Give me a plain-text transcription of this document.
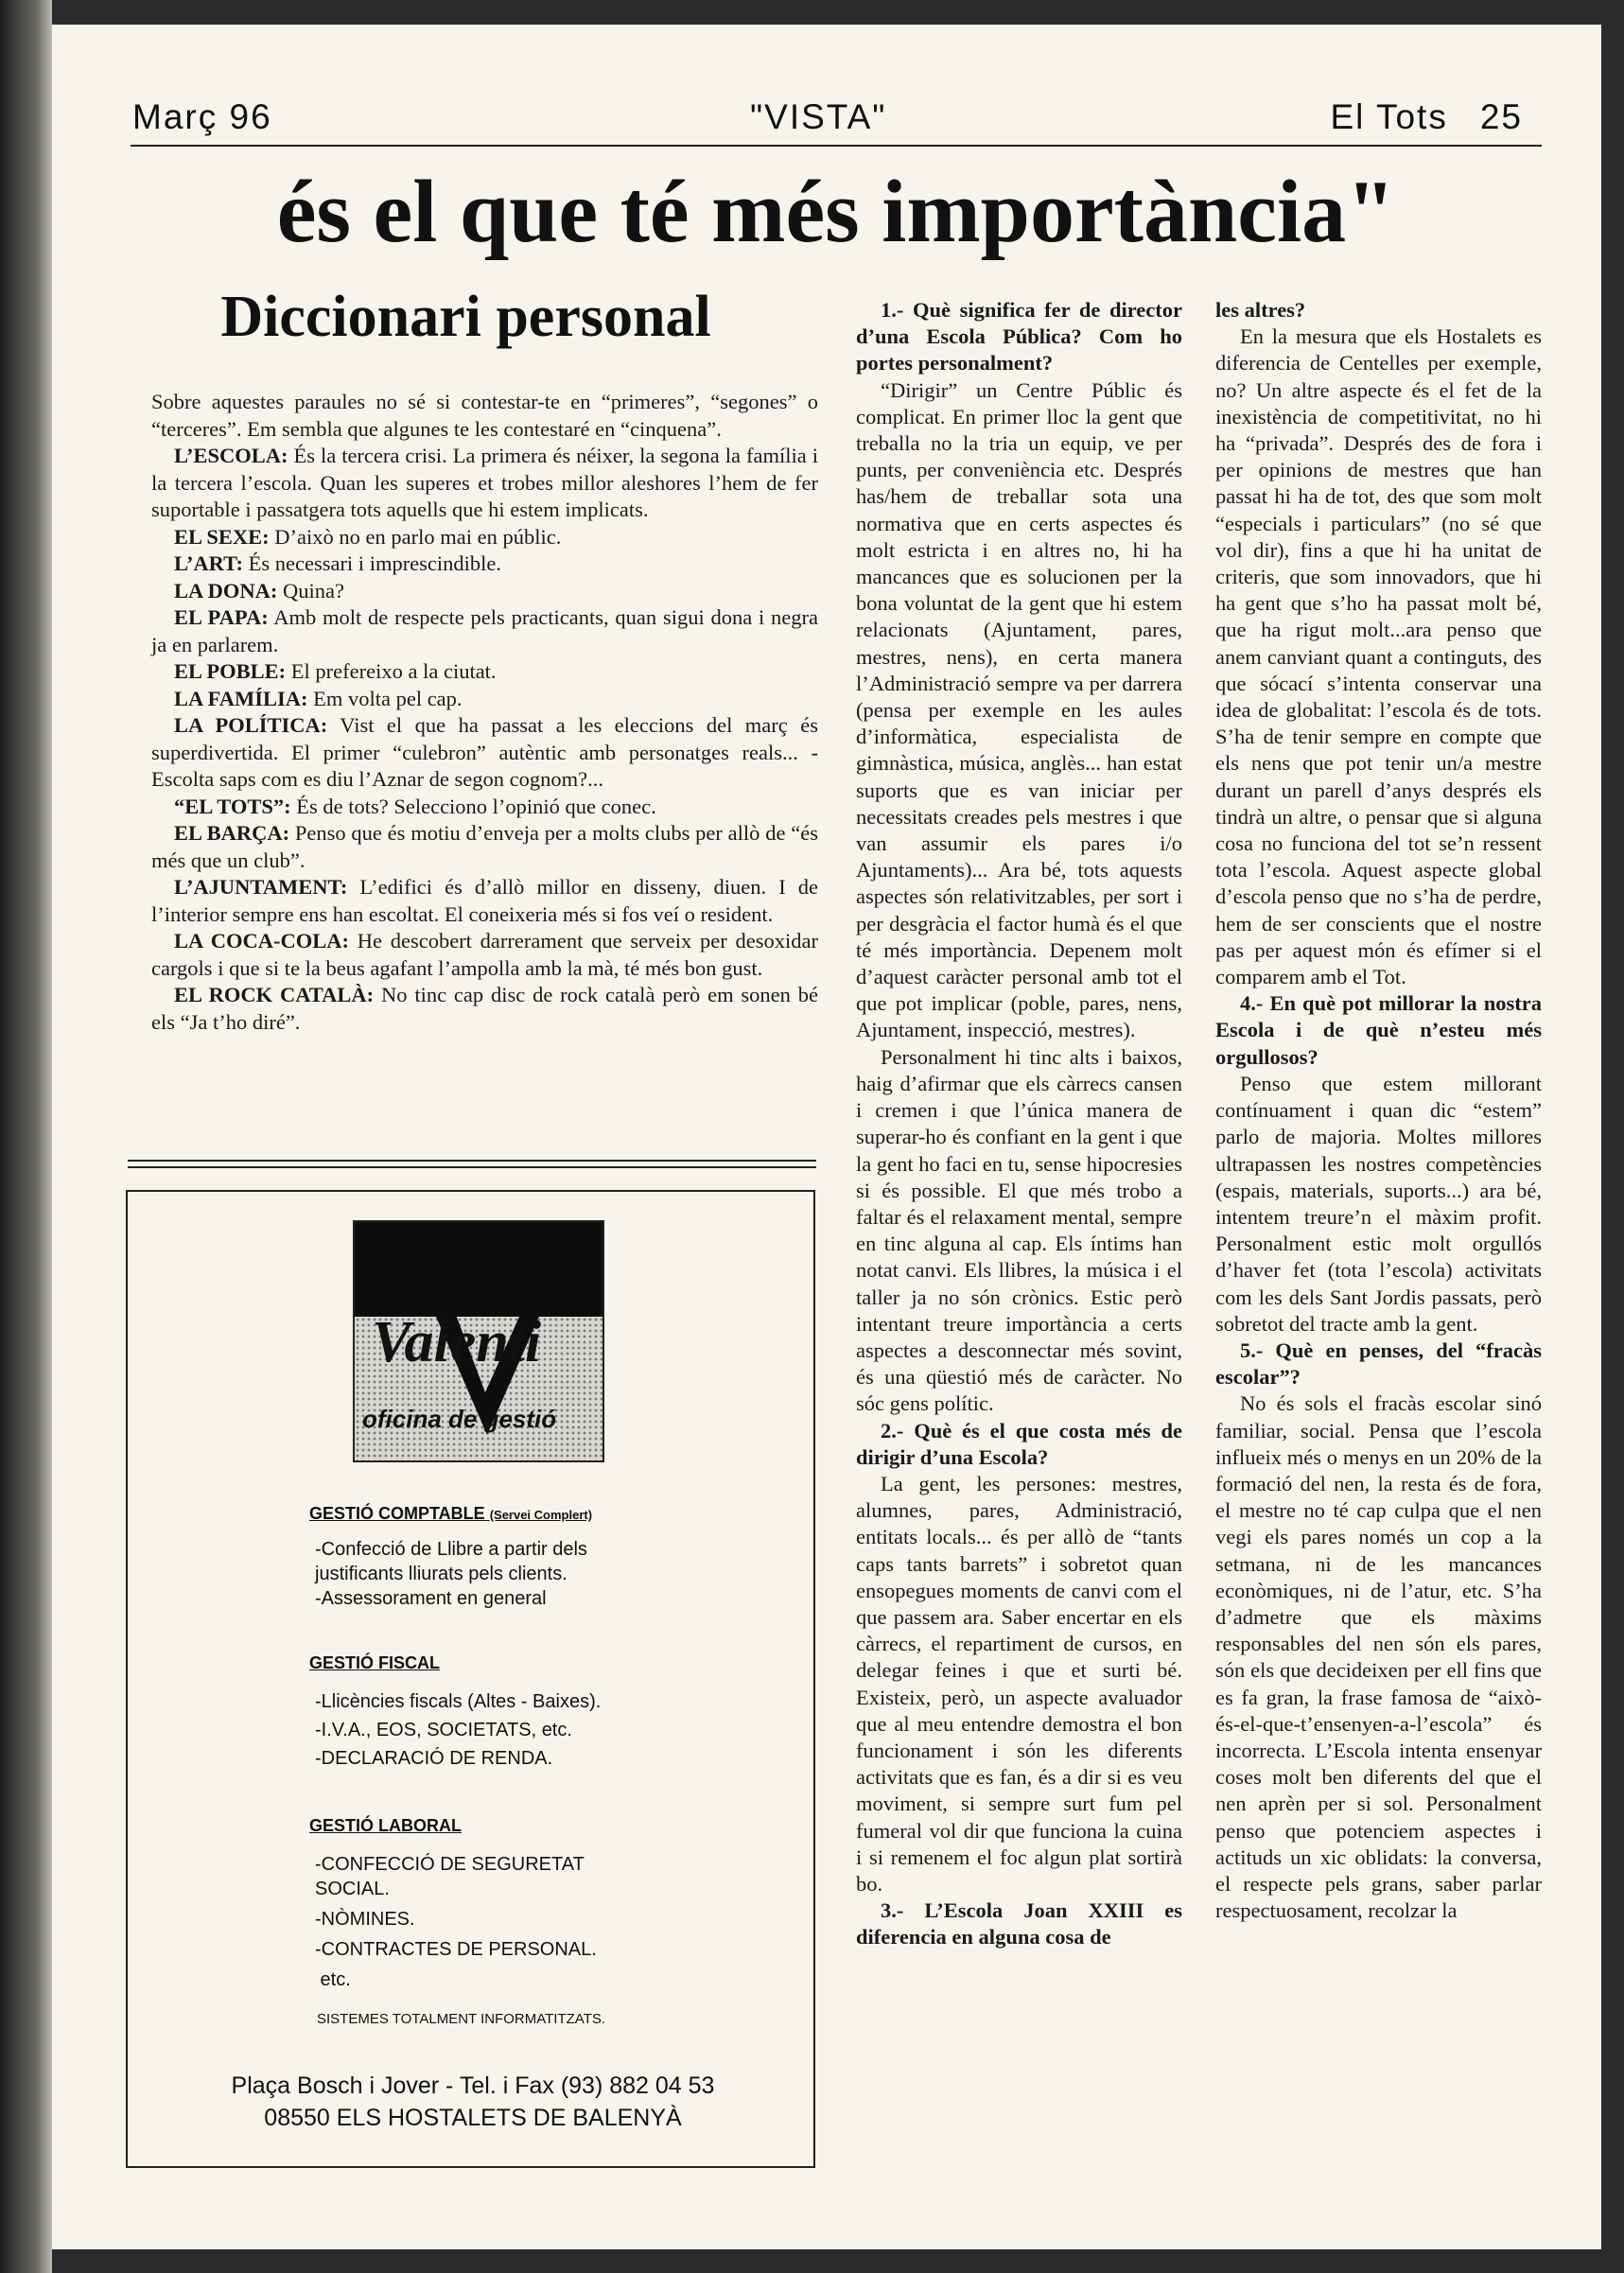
Març 96	"VISTA"	El Tots 25
és el que té més importància"
Diccionari personal

Sobre aquestes paraules no sé si contestar-te en “primeres”, “segones” o “terceres”. Em sembla que algunes te les contestaré en “cinquena”.

L’ESCOLA: És la tercera crisi. La primera és néixer, la segona la família i la tercera l’escola. Quan les superes et trobes millor aleshores l’hem de fer suportable i passatgera tots aquells que hi estem implicats.

EL SEXE: D’això no en parlo mai en públic.

L’ART: És necessari i imprescindible.

LA DONA: Quina?

EL PAPA: Amb molt de respecte pels practicants, quan sigui dona i negra ja en parlarem.

EL POBLE: El prefereixo a la ciutat.

LA FAMÍLIA: Em volta pel cap.

LA POLÍTICA: Vist el que ha passat a les eleccions del març és superdivertida. El primer “culebron” autèntic amb personatges reals... - Escolta saps com es diu l’Aznar de segon cognom?...

“EL TOTS”: És de tots? Selecciono l’opinió que conec.

EL BARÇA: Penso que és motiu d’enveja per a molts clubs per allò de “és més que un club”.

L’AJUNTAMENT: L’edifici és d’allò millor en disseny, diuen. I de l’interior sempre ens han escoltat. El coneixeria més si fos veí o resident.

LA COCA-COLA: He descobert darrerament que serveix per desoxidar cargols i que si te la beus agafant l’ampolla amb la mà, té més bon gust.

EL ROCK CATALÀ: No tinc cap disc de rock català però em sonen bé els “Ja t’ho diré”.

Valenti
oficina de gestió
GESTIÓ COMPTABLE (Servei Complert)
-Confecció de Llibre a partir dels justificants lliurats pels clients.
-Assessorament en general
GESTIÓ FISCAL
-Llicències fiscals (Altes - Baixes).
-I.V.A., EOS, SOCIETATS, etc.
-DECLARACIÓ DE RENDA.
GESTIÓ LABORAL
-CONFECCIÓ DE SEGURETAT SOCIAL.
-NÒMINES.
-CONTRACTES DE PERSONAL.
etc.
SISTEMES TOTALMENT INFORMATITZATS.
Plaça Bosch i Jover - Tel. i Fax (93) 882 04 53
08550 ELS HOSTALETS DE BALENYÀ

1.- Què significa fer de director d’una Escola Pública? Com ho portes personalment?

“Dirigir” un Centre Públic és complicat. En primer lloc la gent que treballa no la tria un equip, ve per punts, per conveniència etc. Després has/hem de treballar sota una normativa que en certs aspectes és molt estricta i en altres no, hi ha mancances que es solucionen per la bona voluntat de la gent que hi estem relacionats (Ajuntament, pares, mestres, nens), en certa manera l’Administració sempre va per darrera (pensa per exemple en les aules d’informàtica, especialista de gimnàstica, música, anglès... han estat suports que es van iniciar per necessitats creades pels mestres i que van assumir els pares i/o Ajuntaments)... Ara bé, tots aquests aspectes són relativitzables, per sort i per desgràcia el factor humà és el que té més importància. Depenem molt d’aquest caràcter personal amb tot el que pot implicar (poble, pares, nens, Ajuntament, inspecció, mestres).

Personalment hi tinc alts i baixos, haig d’afirmar que els càrrecs cansen i cremen i que l’única manera de superar-ho és confiant en la gent i que la gent ho faci en tu, sense hipocresies si és possible. El que més trobo a faltar és el relaxament mental, sempre en tinc alguna al cap. Els íntims han notat canvi. Els llibres, la música i el taller ja no són crònics. Estic però intentant treure importància a certs aspectes a desconnectar més sovint, és una qüestió més de caràcter. No sóc gens polític.

2.- Què és el que costa més de dirigir d’una Escola?

La gent, les persones: mestres, alumnes, pares, Administració, entitats locals... és per allò de “tants caps tants barrets” i sobretot quan ensopegues moments de canvi com el que passem ara. Saber encertar en els càrrecs, el repartiment de cursos, en delegar feines i que et surti bé. Existeix, però, un aspecte avaluador que al meu entendre demostra el bon funcionament i són les diferents activitats que es fan, és a dir si es veu moviment, si sempre surt fum pel fumeral vol dir que funciona la cuina i si remenem el foc algun plat sortirà bo.

3.- L’Escola Joan XXIII es diferencia en alguna cosa de

les altres?

En la mesura que els Hostalets es diferencia de Centelles per exemple, no? Un altre aspecte és el fet de la inexistència de competitivitat, no hi ha “privada”. Després des de fora i per opinions de mestres que han passat hi ha de tot, des que som molt “especials i particulars” (no sé que vol dir), fins a que hi ha unitat de criteris, que som innovadors, que hi ha gent que s’ho ha passat molt bé, que ha rigut molt...ara penso que anem canviant quant a continguts, des que sócací s’intenta conservar una idea de globalitat: l’escola és de tots. S’ha de tenir sempre en compte que els nens que pot tenir un/a mestre durant un parell d’anys després els tindrà un altre, o pensar que si alguna cosa no funciona del tot se’n ressent tota l’escola. Aquest aspecte global d’escola penso que no s’ha de perdre, hem de ser conscients que el nostre pas per aquest món és efímer si el comparem amb el Tot.

4.- En què pot millorar la nostra Escola i de què n’esteu més orgullosos?

Penso que estem millorant contínuament i quan dic “estem” parlo de majoria. Moltes millores ultrapassen les nostres competències (espais, materials, suports...) ara bé, intentem treure’n el màxim profit. Personalment estic molt orgullós d’haver fet (tota l’escola) activitats com les dels Sant Jordis passats, però sobretot del tracte amb la gent.

5.- Què en penses, del “fracàs escolar”?

No és sols el fracàs escolar sinó familiar, social. Pensa que l’escola influeix més o menys en un 20% de la formació del nen, la resta és de fora, el mestre no té cap culpa que el nen vegi els pares només un cop a la setmana, ni de les mancances econòmiques, ni de l’atur, etc. S’ha d’admetre que els màxims responsables del nen són els pares, són els que decideixen per ell fins que es fa gran, la frase famosa de “això-és-el-que-t’ensenyen-a-l’escola” és incorrecta. L’Escola intenta ensenyar coses molt ben diferents del que el nen aprèn per si sol. Personalment penso que potenciem aspectes i actituds un xic oblidats: la conversa, el respecte pels grans, saber parlar respectuosament, recolzar la
